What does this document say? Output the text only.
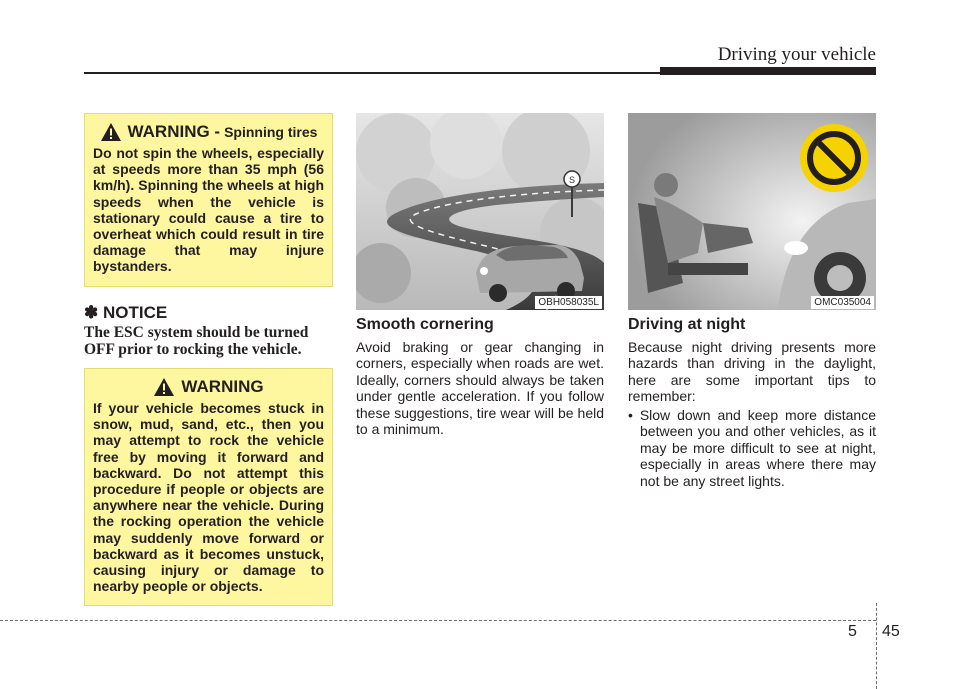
Driving your vehicle
WARNING - Spinning tires
Do not spin the wheels, especially at speeds more than 35 mph (56 km/h). Spinning the wheels at high speeds when the vehicle is stationary could cause a tire to overheat which could result in tire damage that may injure bystanders.
✽ NOTICE
The ESC system should be turned OFF prior to rocking the vehicle.
WARNING
If your vehicle becomes stuck in snow, mud, sand, etc., then you may attempt to rock the vehicle free by moving it forward and backward. Do not attempt this procedure if people or objects are anywhere near the vehicle. During the rocking operation the vehicle may suddenly move forward or backward as it becomes unstuck, causing injury or damage to nearby people or objects.
S
OBH058035L	OMC035004
Smooth cornering
Avoid braking or gear changing in corners, especially when roads are wet. Ideally, corners should always be taken under gentle acceleration. If you follow these suggestions, tire wear will be held to a minimum.
Driving at night
Because night driving presents more hazards than driving in the daylight, here are some important tips to remember:
• Slow down and keep more distance between you and other vehicles, as it may be more difficult to see at night, especially in areas where there may not be any street lights.
5 45
